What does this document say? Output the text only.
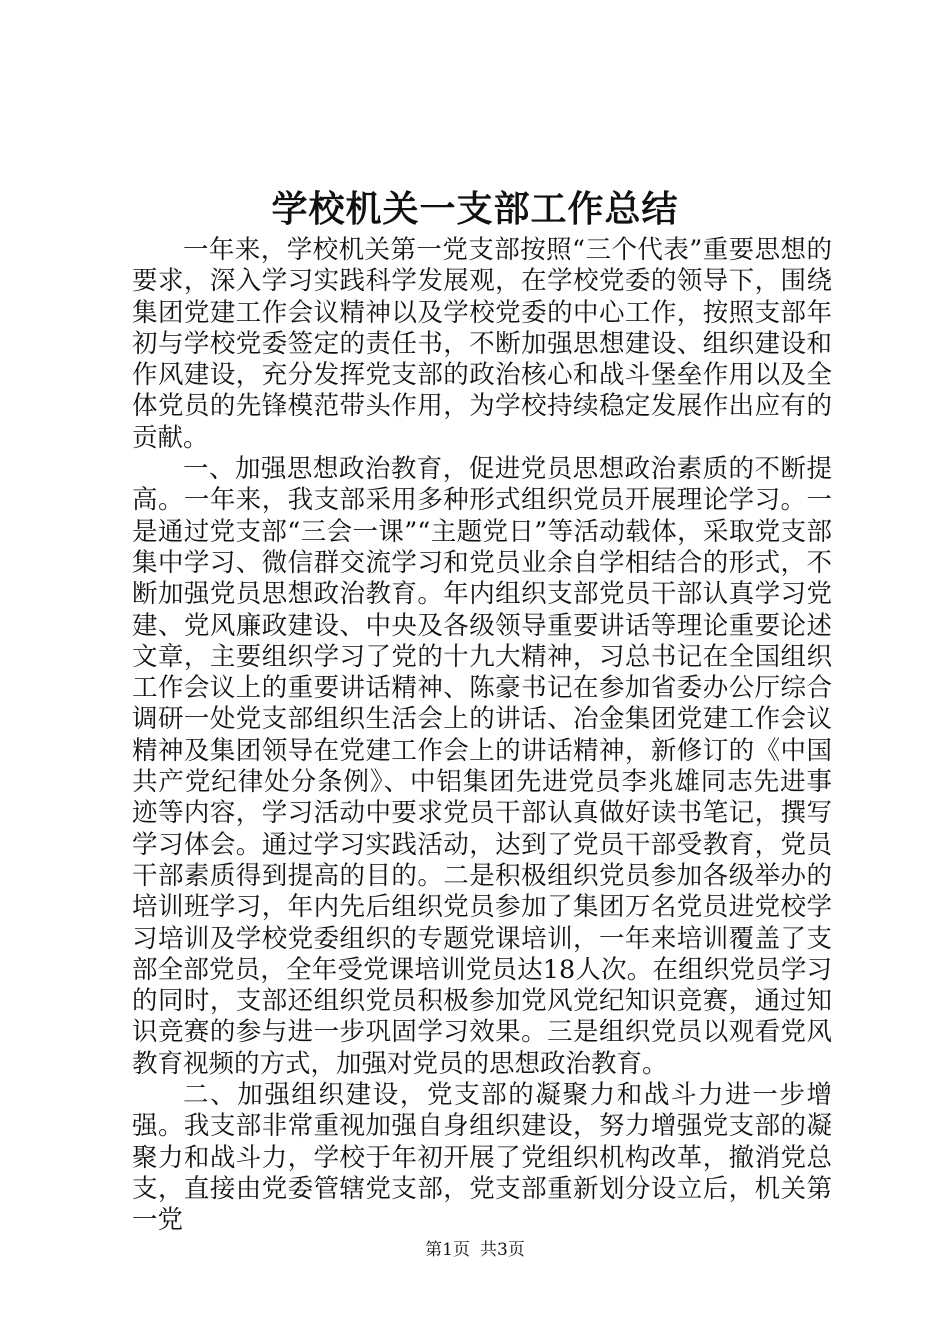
学校机关一支部工作总结

一年来，学校机关第一党支部按照“三个代表”重要思想的要求，深入学习实践科学发展观，在学校党委的领导下，围绕集团党建工作会议精神以及学校党委的中心工作，按照支部年初与学校党委签定的责任书，不断加强思想建设、组织建设和作风建设，充分发挥党支部的政治核心和战斗堡垒作用以及全体党员的先锋模范带头作用，为学校持续稳定发展作出应有的贡献。

一、加强思想政治教育，促进党员思想政治素质的不断提高。一年来，我支部采用多种形式组织党员开展理论学习。一是通过党支部“三会一课”“主题党日”等活动载体，采取党支部集中学习、微信群交流学习和党员业余自学相结合的形式，不断加强党员思想政治教育。年内组织支部党员干部认真学习党建、党风廉政建设、中央及各级领导重要讲话等理论重要论述文章，主要组织学习了党的十九大精神，习总书记在全国组织工作会议上的重要讲话精神、陈豪书记在参加省委办公厅综合调研一处党支部组织生活会上的讲话、冶金集团党建工作会议精神及集团领导在党建工作会上的讲话精神，新修订的《中国共产党纪律处分条例》、中铝集团先进党员李兆雄同志先进事迹等内容，学习活动中要求党员干部认真做好读书笔记，撰写学习体会。通过学习实践活动，达到了党员干部受教育，党员干部素质得到提高的目的。二是积极组织党员参加各级举办的培训班学习，年内先后组织党员参加了集团万名党员进党校学习培训及学校党委组织的专题党课培训，一年来培训覆盖了支部全部党员，全年受党课培训党员达18人次。在组织党员学习的同时，支部还组织党员积极参加党风党纪知识竞赛，通过知识竞赛的参与进一步巩固学习效果。三是组织党员以观看党风教育视频的方式，加强对党员的思想政治教育。

二、加强组织建设，党支部的凝聚力和战斗力进一步增强。我支部非常重视加强自身组织建设，努力增强党支部的凝聚力和战斗力，学校于年初开展了党组织机构改革，撤消党总支，直接由党委管辖党支部，党支部重新划分设立后，机关第一党

第1页 共3页
